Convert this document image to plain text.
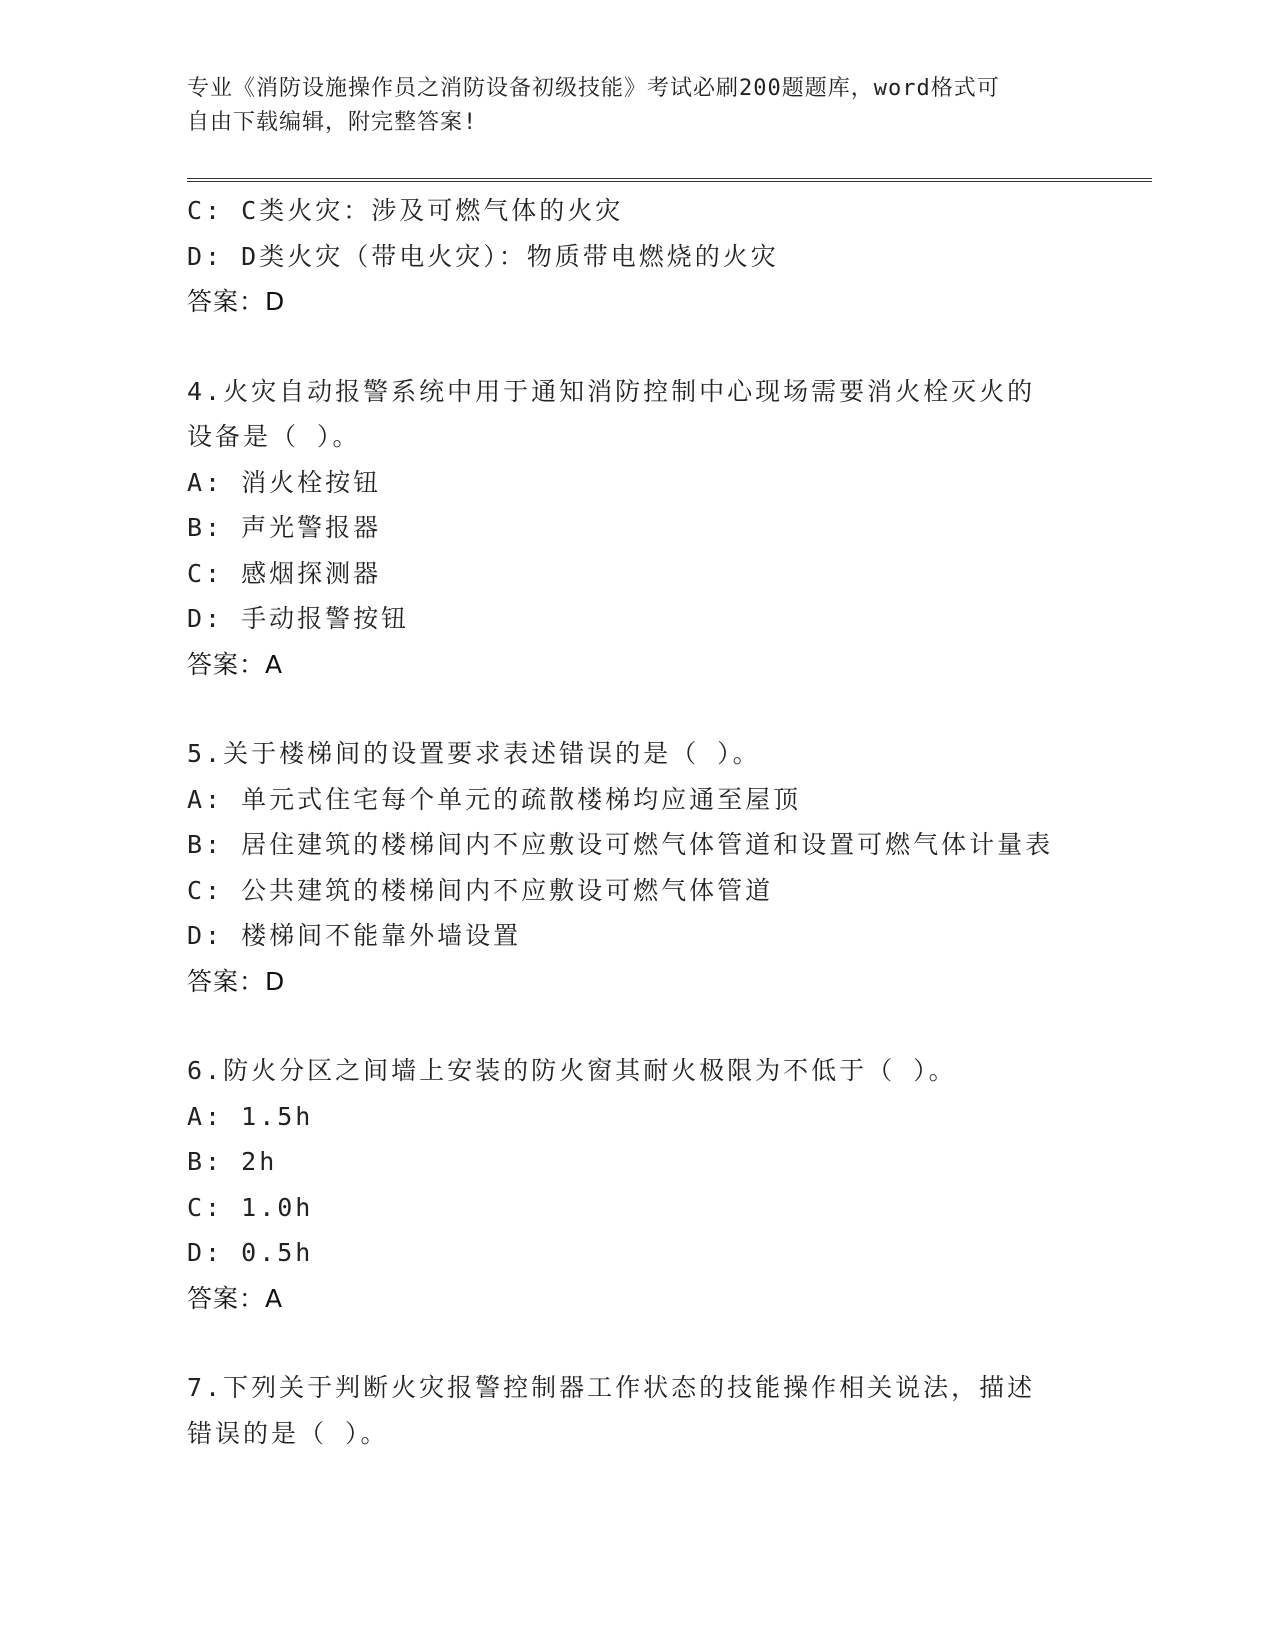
专业《消防设施操作员之消防设备初级技能》考试必刷200题题库，word格式可
自由下载编辑，附完整答案!
C: C类火灾：涉及可燃气体的火灾
D: D类火灾（带电火灾）：物质带电燃烧的火灾
答案：D
4.火灾自动报警系统中用于通知消防控制中心现场需要消火栓灭火的
设备是（ ）。
A: 消火栓按钮
B: 声光警报器
C: 感烟探测器
D: 手动报警按钮
答案：A
5.关于楼梯间的设置要求表述错误的是（ ）。
A: 单元式住宅每个单元的疏散楼梯均应通至屋顶
B: 居住建筑的楼梯间内不应敷设可燃气体管道和设置可燃气体计量表
C: 公共建筑的楼梯间内不应敷设可燃气体管道
D: 楼梯间不能靠外墙设置
答案：D
6.防火分区之间墙上安装的防火窗其耐火极限为不低于（ ）。
A: 1.5h
B: 2h
C: 1.0h
D: 0.5h
答案：A
7.下列关于判断火灾报警控制器工作状态的技能操作相关说法，描述
错误的是（ ）。
